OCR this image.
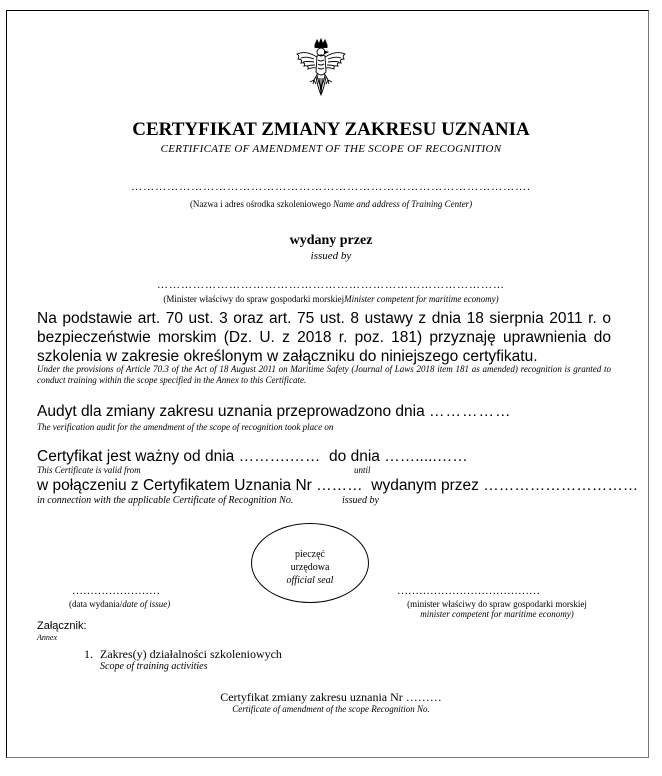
CERTYFIKAT ZMIANY ZAKRESU UZNANIA
CERTIFICATE OF AMENDMENT OF THE SCOPE OF RECOGNITION
……………………………………………………………………………………….
(Nazwa i adres ośrodka szkoleniowego Name and address of Training Center)
wydany przez
issued by
……………………………………………………………………………
(Minister właściwy do spraw gospodarki morskiejMinister competent for maritime economy)
Na podstawie art. 70 ust. 3 oraz art. 75 ust. 8 ustawy z dnia 18 sierpnia 2011 r. o bezpieczeństwie morskim (Dz. U. z 2018 r. poz. 181) przyznaję uprawnienia do szkolenia w zakresie określonym w załączniku do niniejszego certyfikatu.
Under the provisions of Article 70.3 of the Act of 18 August 2011 on Maritime Safety (Journal of Laws 2018 item 181 as amended) recognition is granted to conduct training within the scope specified in the Annex to this Certificate.
Audyt dla zmiany zakresu uznania przeprowadzono dnia ……………
The verification audit for the amendment of the scope of recognition took place on
Certyfikat jest ważny od dnia ……….…… do dnia …….....……
This Certificate is valid from	until
w połączeniu z Certyfikatem Uznania Nr ……… wydanym przez …………………………
in connection with the applicable Certificate of Recognition No.	issued by
pieczęć
urzędowa
official seal
……………………
(data wydania/date of issue)
…………………………………
(minister właściwy do spraw gospodarki morskiej
minister competent for maritime economy)
Załącznik:
Annex
1. Zakres(y) działalności szkoleniowych
Scope of training activities
Certyfikat zmiany zakresu uznania Nr ………
Certificate of amendment of the scope Recognition No.
